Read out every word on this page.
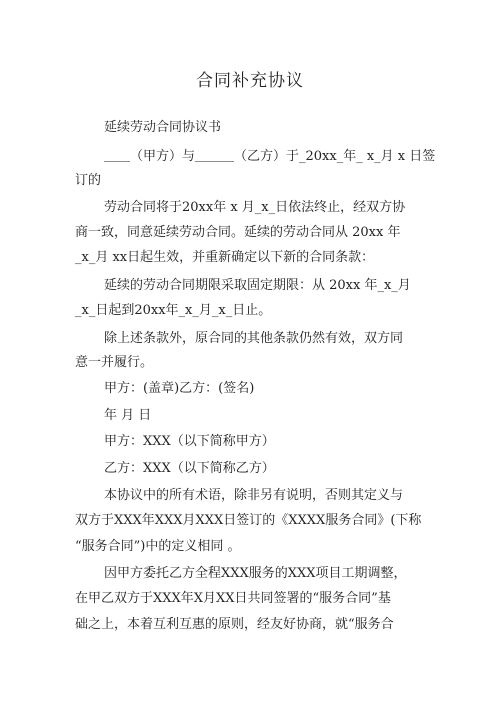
合同补充协议
延续劳动合同协议书
＿＿（甲方）与＿＿＿（乙方）于_20xx_年_ x_月 x 日签
订的
劳动合同将于20xx年 x 月_x_日依法终止，经双方协
商一致，同意延续劳动合同。延续的劳动合同从 20xx 年
_x_月 xx日起生效，并重新确定以下新的合同条款：
延续的劳动合同期限采取固定期限：从 20xx 年_x_月
_x_日起到20xx年_x_月_x_日止。
除上述条款外，原合同的其他条款仍然有效，双方同
意一并履行。
甲方：(盖章)乙方：(签名)
年 月 日
甲方：XXX（以下简称甲方）
乙方：XXX（以下简称乙方）
本协议中的所有术语，除非另有说明，否则其定义与
双方于XXX年XXX月XXX日签订的《XXXX服务合同》(下称
“服务合同”)中的定义相同 。
因甲方委托乙方全程XXX服务的XXX项目工期调整，
在甲乙双方于XXX年X月XX日共同签署的“服务合同”基
础之上，本着互利互惠的原则，经友好协商，就“服务合
